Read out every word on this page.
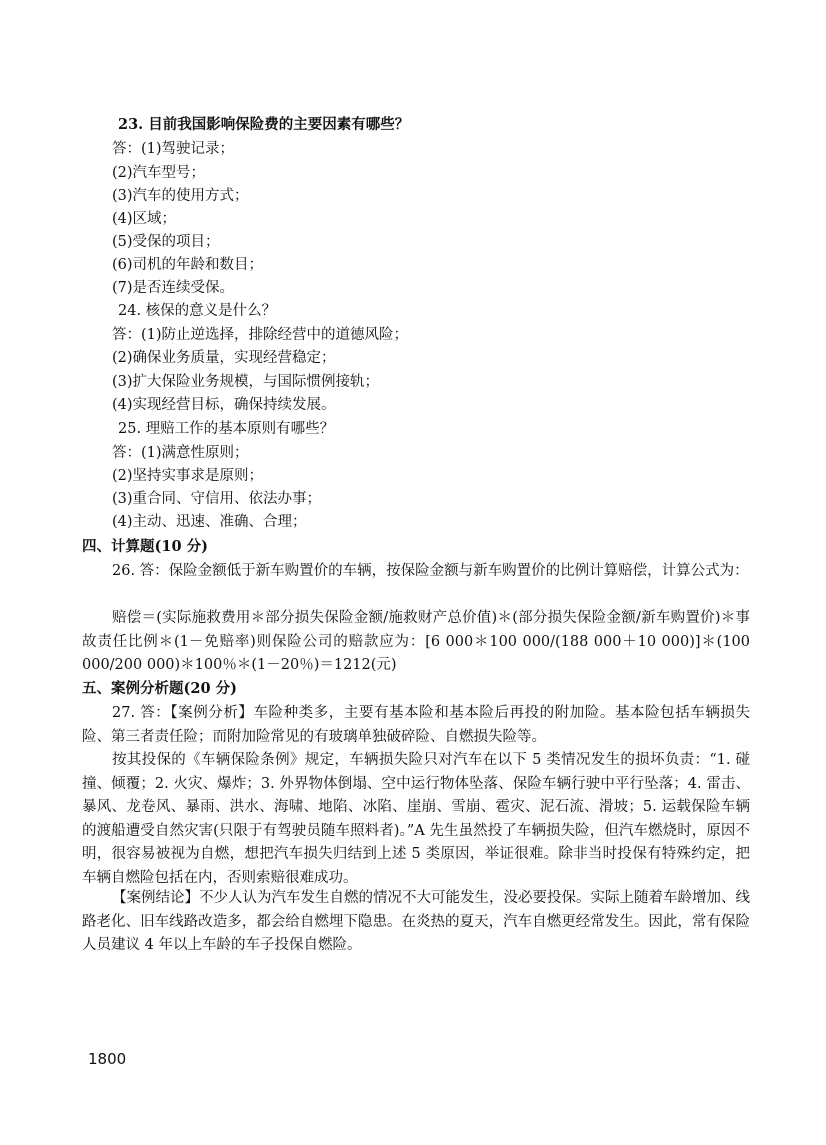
23. 目前我国影响保险费的主要因素有哪些？
答：(1)驾驶记录；
(2)汽车型号；
(3)汽车的使用方式；
(4)区域；
(5)受保的项目；
(6)司机的年龄和数目；
(7)是否连续受保。
24. 核保的意义是什么？
答：(1)防止逆选择，排除经营中的道德风险；
(2)确保业务质量，实现经营稳定；
(3)扩大保险业务规模，与国际惯例接轨；
(4)实现经营目标，确保持续发展。
25. 理赔工作的基本原则有哪些？
答：(1)满意性原则；
(2)坚持实事求是原则；
(3)重合同、守信用、依法办事；
(4)主动、迅速、准确、合理；
四、计算题(10 分)
26. 答：保险金额低于新车购置价的车辆，按保险金额与新车购置价的比例计算赔偿，计算公式为：
赔偿＝(实际施救费用＊部分损失保险金额/施救财产总价值)＊(部分损失保险金额/新车购置价)＊事故责任比例＊(1－免赔率)则保险公司的赔款应为：[6 000＊100 000/(188 000＋10 000)]＊(100 000/200 000)＊100％＊(1－20％)＝1212(元)
五、案例分析题(20 分)
27. 答：【案例分析】车险种类多，主要有基本险和基本险后再投的附加险。基本险包括车辆损失险、第三者责任险；而附加险常见的有玻璃单独破碎险、自燃损失险等。
按其投保的《车辆保险条例》规定，车辆损失险只对汽车在以下 5 类情况发生的损坏负责：“1. 碰撞、倾覆；2. 火灾、爆炸；3. 外界物体倒塌、空中运行物体坠落、保险车辆行驶中平行坠落；4. 雷击、暴风、龙卷风、暴雨、洪水、海啸、地陷、冰陷、崖崩、雪崩、雹灾、泥石流、滑坡；5. 运载保险车辆的渡船遭受自然灾害(只限于有驾驶员随车照料者)。”A 先生虽然投了车辆损失险，但汽车燃烧时，原因不明，很容易被视为自燃，想把汽车损失归结到上述 5 类原因，举证很难。除非当时投保有特殊约定，把车辆自燃险包括在内，否则索赔很难成功。
【案例结论】不少人认为汽车发生自燃的情况不大可能发生，没必要投保。实际上随着车龄增加、线路老化、旧车线路改造多，都会给自燃埋下隐患。在炎热的夏天，汽车自燃更经常发生。因此，常有保险人员建议 4 年以上车龄的车子投保自燃险。
1800
